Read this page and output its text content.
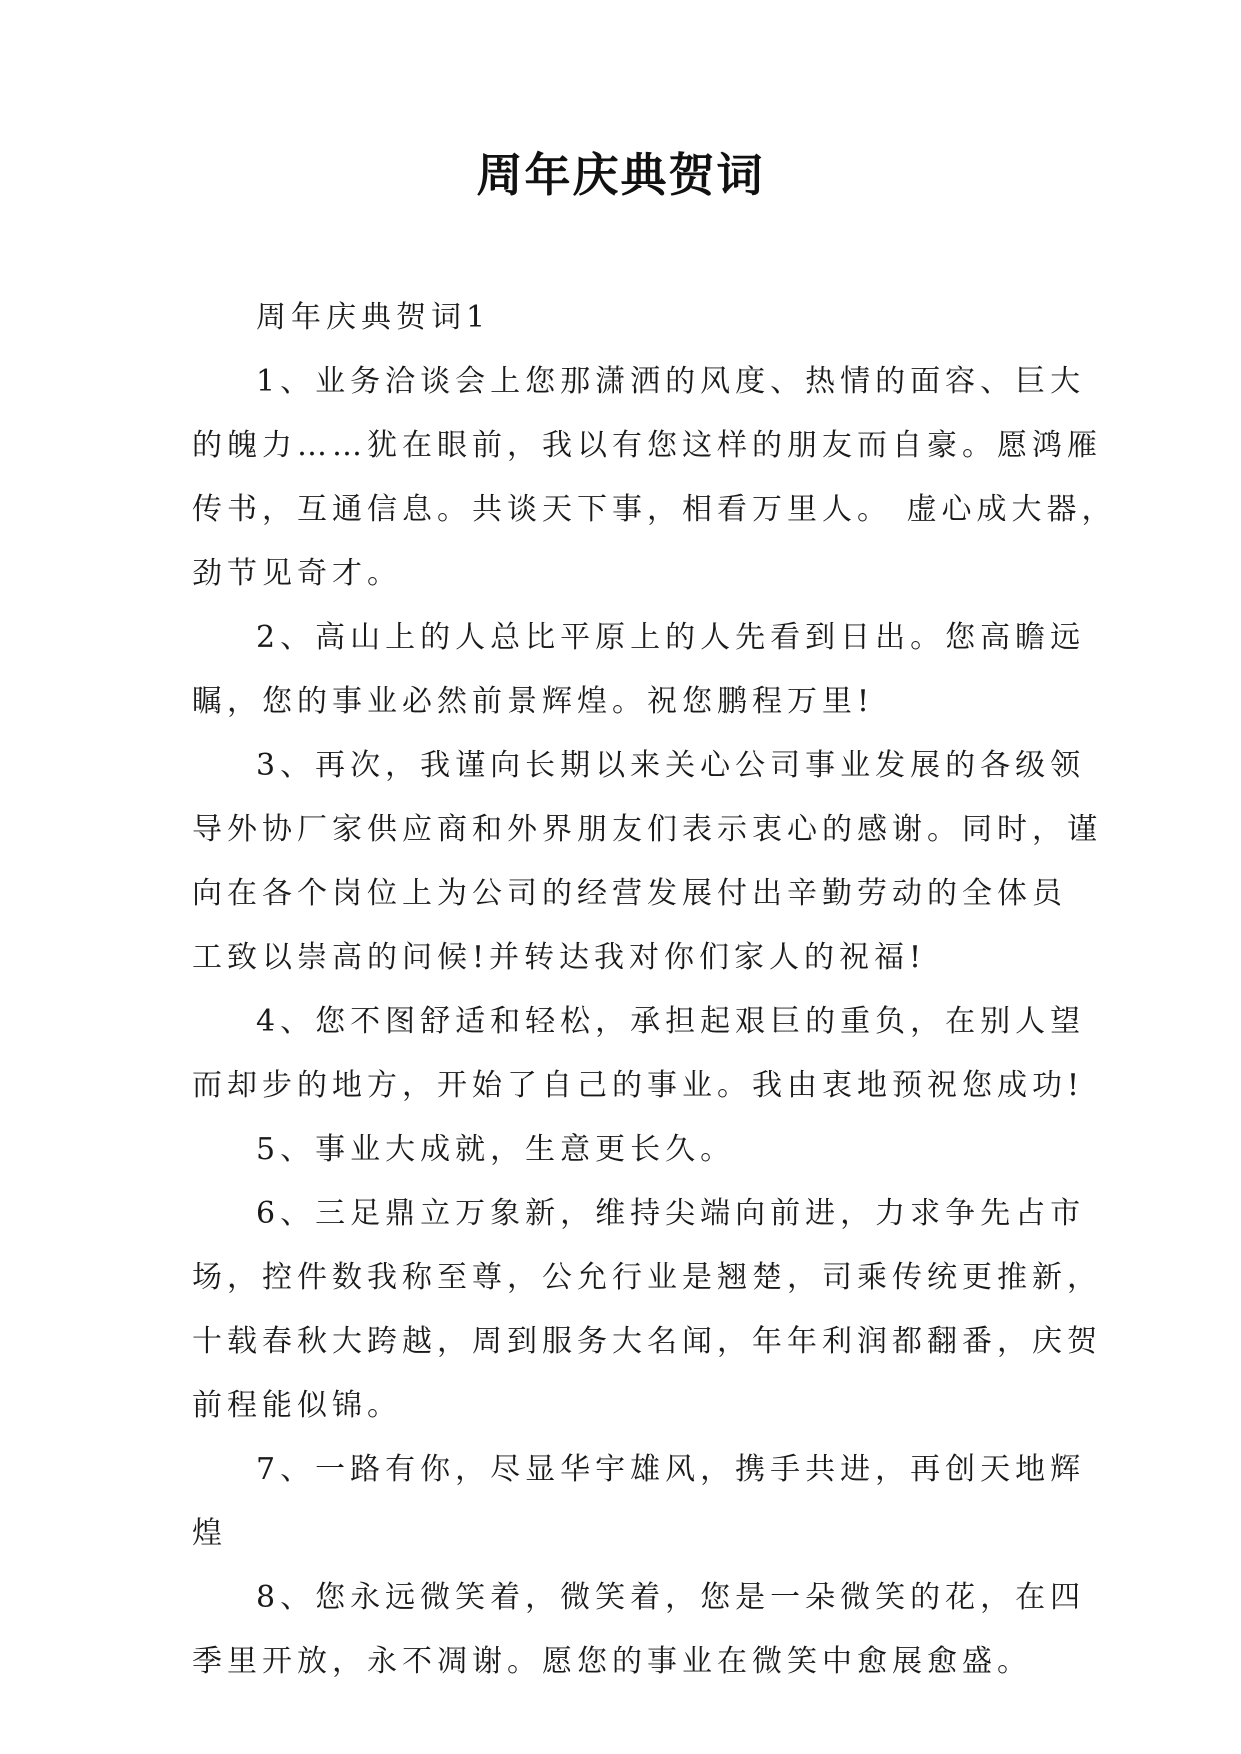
周年庆典贺词
周年庆典贺词1
1、业务洽谈会上您那潇洒的风度、热情的面容、巨大
的魄力……犹在眼前，我以有您这样的朋友而自豪。愿鸿雁
传书，互通信息。共谈天下事，相看万里人。 虚心成大器，
劲节见奇才。
2、高山上的人总比平原上的人先看到日出。您高瞻远
瞩，您的事业必然前景辉煌。祝您鹏程万里!
3、再次，我谨向长期以来关心公司事业发展的各级领
导外协厂家供应商和外界朋友们表示衷心的感谢。同时，谨
向在各个岗位上为公司的经营发展付出辛勤劳动的全体员
工致以崇高的问候!并转达我对你们家人的祝福!
4、您不图舒适和轻松，承担起艰巨的重负，在别人望
而却步的地方，开始了自己的事业。我由衷地预祝您成功!
5、事业大成就，生意更长久。
6、三足鼎立万象新，维持尖端向前进，力求争先占市
场，控件数我称至尊，公允行业是翘楚，司乘传统更推新，
十载春秋大跨越，周到服务大名闻，年年利润都翻番，庆贺
前程能似锦。
7、一路有你，尽显华宇雄风，携手共进，再创天地辉
煌
8、您永远微笑着，微笑着，您是一朵微笑的花，在四
季里开放，永不凋谢。愿您的事业在微笑中愈展愈盛。
